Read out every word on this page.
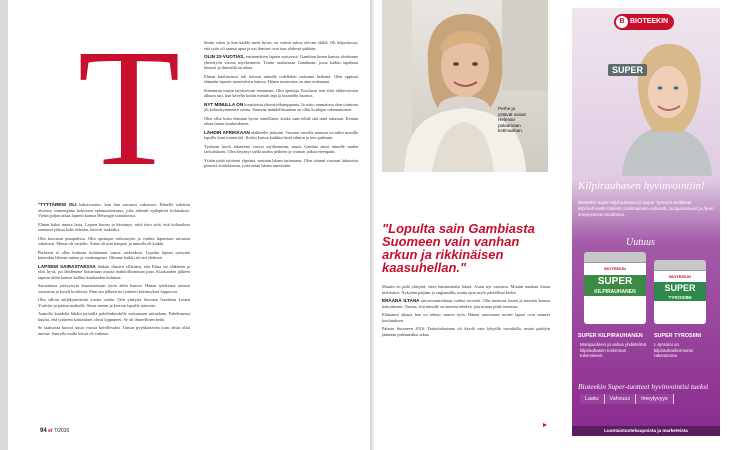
T

"TYTTÄRENI OLI kaksivuotias, kun hän sairastui vakavasti. Hänellä todettiin aivoissa sormenpään kokoinen epämuodostuma, joka aiheutti epileptisiä kohtauksia. Vietin paljon aikaa lapseni kanssa Helsingin sairaaloissa.

Elinan kaksi muuta lasta, Lapsen huono ja kärsimys, sekä tieto siitä, että kohtaukset saattavat jatkua koko elämän, kävivät raskaiksi.

Olin kasvanut pumpulissa. Olin opettajan esikoistyttö ja vanhin lapsestani sairastui vakavasti. Minua oli varjeltu. Äitini oli niin lempeä, ja minulla oli kaikki.

Perheeni ei ollut koskaan kohdannut suuria vaikeuksia. Lopulta lapsen syntymä kuitenkin lähensi minua ja vanhempiani. Olimme kaikki tiivisti yhdessä.

LAPSENI SAIRASTAESSA lääkäri ilmoitti yllättäen, että Elina sai eläkkeen ja olisi hyvä, jos lähdemme hoitamaan asioita mahdollisimman pian. Kuukauden jälkeen tapasin äidin kanssa kalliita kuukauden kuluttua.

Sairaalassa ystävystyin kuusivuotiaan tytön äidin kanssa. Hänen tyttärensä sairasti vastaavaa ja kyseli hoidoista. Pian sen jälkeen ne tyttäreni kärsimykset loppuivat.

Olin silloin neljäkymmentä vuotta vanha. Otin yhteyttä Suomen Gambian Lasten Ystäviin ja pääsin matkalle. Sinne menin ja kerroin lapsille tarinoita.

Aamulla kuudelta lähdin pyörällä puhelinkioskille soittamaan sairaalaan. Puhelimessa kuului, että tyttäreni kohtaukset olivat loppuneet. Se oli ihmeellinen hetki.

Se laaksossa kasvoi uusia vuosia kävellessäni. Tunsin pyyhkäisevän kuin olisin ollut unessa. Suurella osalla heistä oli vaikeaa.

Smiin sitten ja kun kaikki meni hyvin, en voinut uskoa olevani täällä. Oli helpottavaa, että tytär oli saanut apua ja nyt ihmiset ovat taas yhdessä pitkään.

OLIN 22-VUOTIAS, ensimmäisen lapsen syntyessä. Gambian lasten kanssa aloitimme yhteistyön vuosia myöhemmin. Totuin rauhaisaan Gambiaan, jossa kaikki tapahtuu hitaasti ja ihmisillä on aikaa.

Elinan kuolinvuosi tuli tietoon minulle todellakin raskaana hetkenä. Olen oppinut elämään lapseni menetyksen kanssa. Hänen muistonsa on aina mukanani.

Sittemmin tunsin tarvitsevani enemmän. Olin opettaja. Koulussa tein töitä eläkevuosien alkuun asti, kun kävelin kotiin metsän läpi ja kuuntelin luontoa.

NYT MINULLA ON kuusitoista yhteistyökumppania. Ja sisko ammatissa olen toiminut yli kolmekymmentä vuotta. Suurena mahdollisuutena on ollut koulujen rakentaminen.

Olen ollut koko elämäni hyvin onnellinen, koska saan tehdä sitä mitä rakastan. Kerään rahaa lasten koulutukseen.

LÄHDIN AFRIKKAAN eläkkeelle jäätyäni. Vuosien varrella minusta on tullut monille lapsille kuin toinen äiti. Koitin katsoa kaikkia heitä silmiin ja tein parhaani.

Tyttäreni kuoli aikuisena vuosia myöhemmin, mutta Gambia antoi minulle uuden tarkoituksen. Olen löytänyt sieltä uuden perheen ja voiman jatkaa eteenpäin.

Yritän pitää tyttäreni ylpeänä, muistan hänen tarinaansa. Olen ottanut vastuun lukuisista pienistä koululaisista, joita autan hänen nimissään.

94 et 7/2016
Perhe ja
ystävät saivat
Helenan
palaamaan
kotimaahan.
"Lopulta sain Gambiasta Suomeen vain vanhan arkun ja rikkinäisen kaasuhellan."

Muutin en pidä yhteyttä, etten hämmentäisi häntä. Asuin nyt vaarassa. Muutin maahan ilman kielitaitoa. Nykyään pärjään jo englannilla, mutta opin myös paikallista kieltä.

ERÄÄNÄ ILTANA universumiseltaan vaihtui tervettä. Olin menossa lasten ja nuorten kanssa kokoukseen. Tunsin, että minulle on annettu tehtävä, jota minun pitää toteuttaa.

Elämänsä aikana hän on tehnyt suuren työn. Hänen ansiostaan monet lapset ovat saaneet koulutuksen.

Palasin Suomeen 2016. Tarkoituksenani oli käydä vain lyhyellä vierailulla, mutta päädyin jäämään pidemmäksi aikaa.

B BIOTEEKIN
SUPER
Kilpirauhasen hyvinvointiin!
Bioteekin Super Kilpirauhanen ja Super Tyrosiini sisältävät kilpirauhaselle tärkeitä ravintoaineita vahvasti, tasapainoisesti ja hyvin imeytyvässä muodossa.
Uutuus
BIOTEEKIN
SUPER
KILPIRAUHANEN
BIOTEEKIN
SUPER
TYROSIINI
SUPER KILPIRAUHANEN
Monipuolinen ja vahva yhdistelmä kilpirauhasen toiminnan tukemiseen
SUPER TYROSIINI
L-tyrosiini on kilpirauhashormonin rakenneosa
Bioteekin Super-tuotteet hyvinvointisi tueksi
Laatu	Vahvuus	Imeytyvyys
Luontaistuotekaupoista ja marketeista
